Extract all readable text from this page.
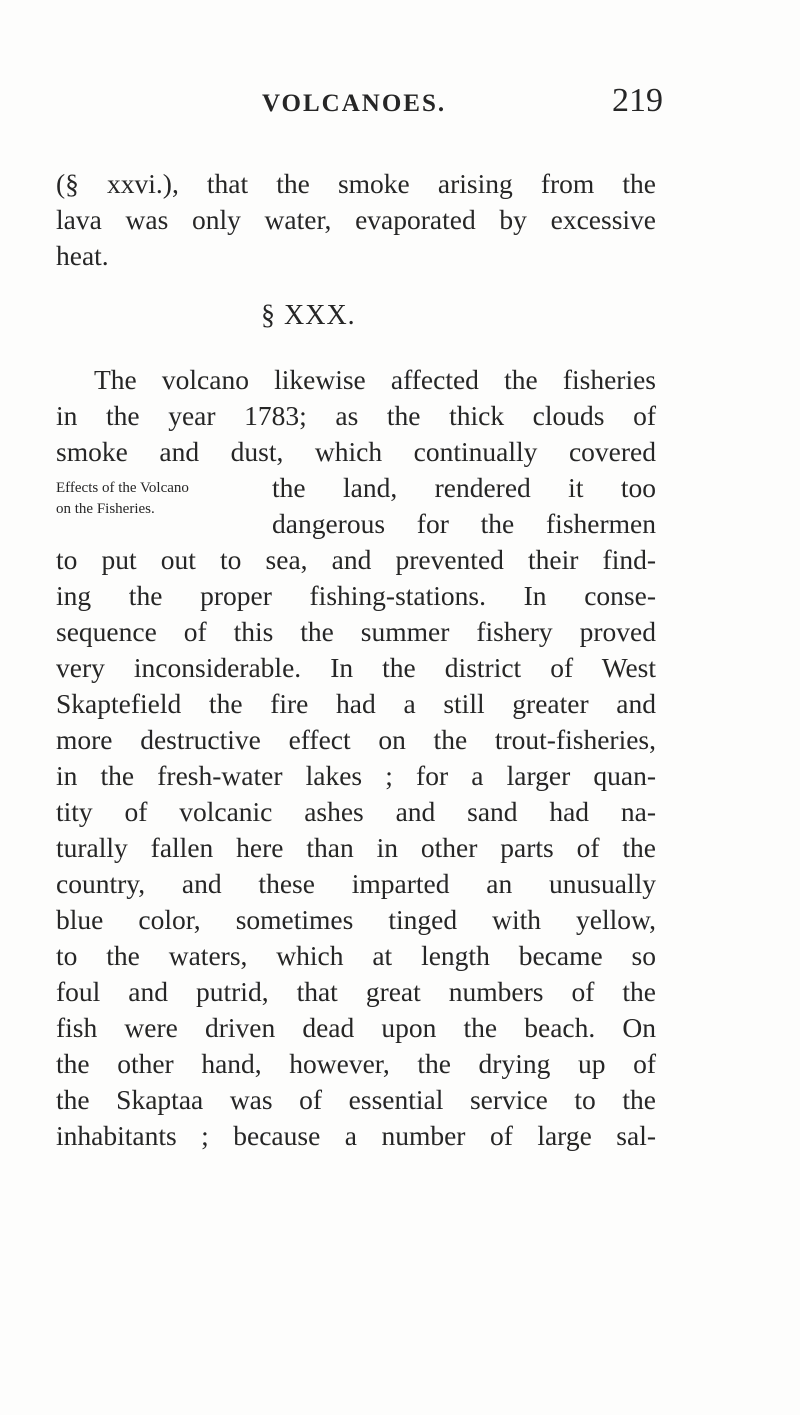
VOLCANOES.	219
(§ xxvi.), that the smoke arising from the
lava was only water, evaporated by excessive
heat.
§ XXX.
The volcano likewise affected the fisheries
in the year 1783; as the thick clouds of
smoke and dust, which continually covered
the land, rendered it too
dangerous for the fishermen
to put out to sea, and prevented their find-
ing the proper fishing-stations. In conse-
sequence of this the summer fishery proved
very inconsiderable. In the district of West
Skaptefield the fire had a still greater and
more destructive effect on the trout-fisheries,
in the fresh-water lakes ; for a larger quan-
tity of volcanic ashes and sand had na-
turally fallen here than in other parts of the
country, and these imparted an unusually
blue color, sometimes tinged with yellow,
to the waters, which at length became so
foul and putrid, that great numbers of the
fish were driven dead upon the beach. On
the other hand, however, the drying up of
the Skaptaa was of essential service to the
inhabitants ; because a number of large sal-
Effects of the Volcano
on the Fisheries.
